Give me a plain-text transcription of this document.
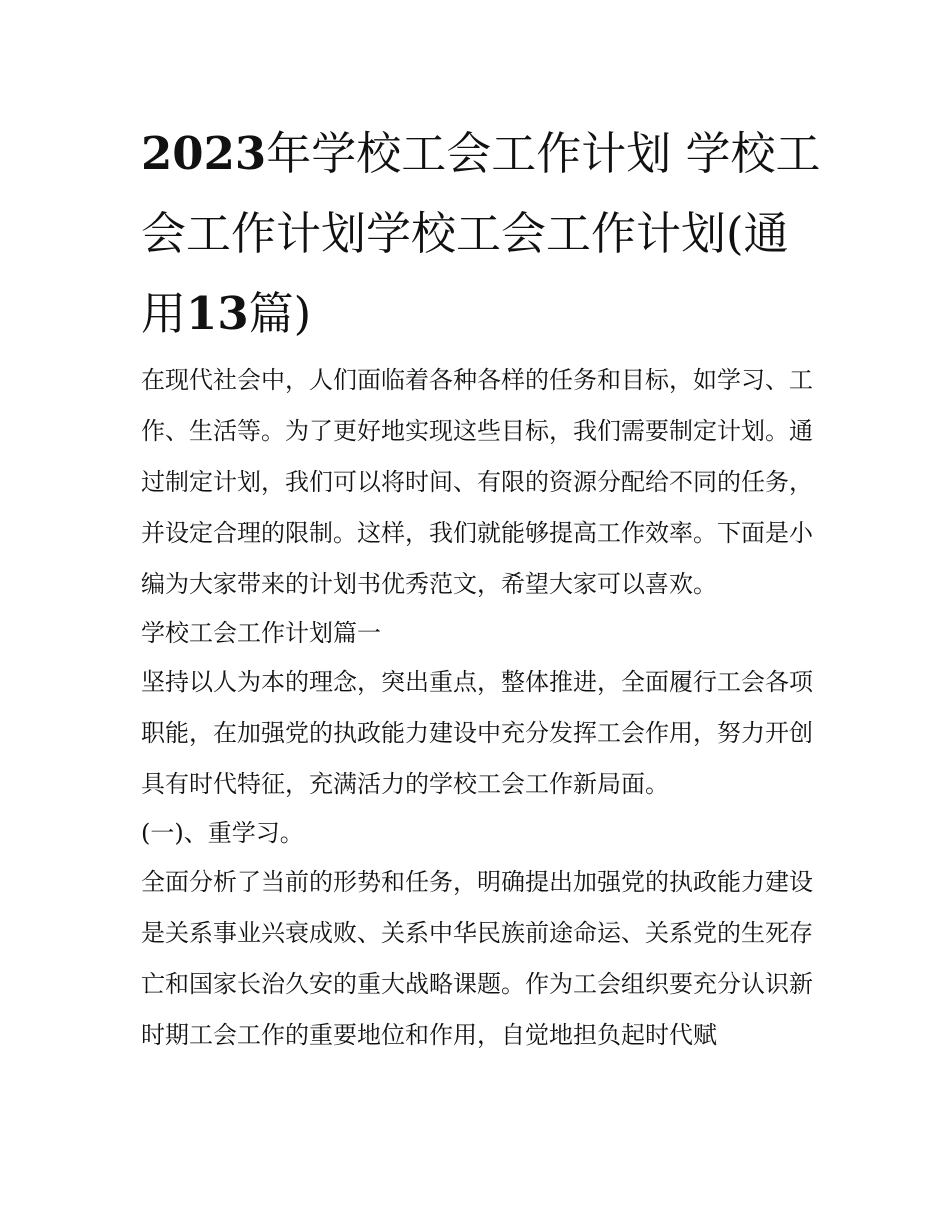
2023年学校工会工作计划 学校工会工作计划学校工会工作计划(通用13篇)

在现代社会中，人们面临着各种各样的任务和目标，如学习、工作、生活等。为了更好地实现这些目标，我们需要制定计划。通过制定计划，我们可以将时间、有限的资源分配给不同的任务，并设定合理的限制。这样，我们就能够提高工作效率。下面是小编为大家带来的计划书优秀范文，希望大家可以喜欢。

学校工会工作计划篇一

坚持以人为本的理念，突出重点，整体推进，全面履行工会各项职能，在加强党的执政能力建设中充分发挥工会作用，努力开创具有时代特征，充满活力的学校工会工作新局面。

(一)、重学习。

全面分析了当前的形势和任务，明确提出加强党的执政能力建设是关系事业兴衰成败、关系中华民族前途命运、关系党的生死存亡和国家长治久安的重大战略课题。作为工会组织要充分认识新时期工会工作的重要地位和作用，自觉地担负起时代赋
